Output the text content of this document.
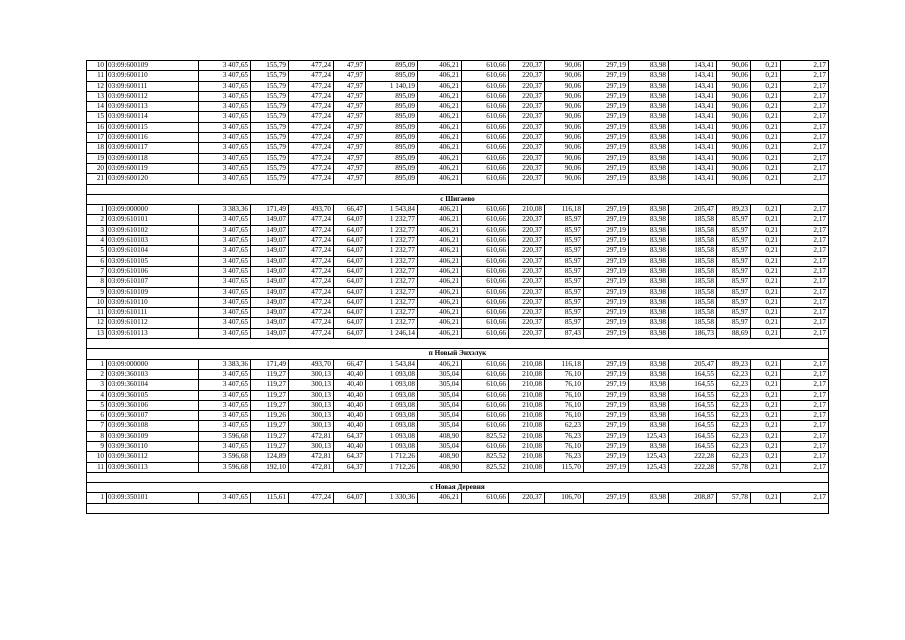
10	03:09:600109	3 407,65	155,79	477,24	47,97	895,09	406,21	610,66	220,37	90,06	297,19	83,98	143,41	90,06	0,21	2,17
11	03:09:600110	3 407,65	155,79	477,24	47,97	895,09	406,21	610,66	220,37	90,06	297,19	83,98	143,41	90,06	0,21	2,17
12	03:09:600111	3 407,65	155,79	477,24	47,97	1 140,19	406,21	610,66	220,37	90,06	297,19	83,98	143,41	90,06	0,21	2,17
13	03:09:600112	3 407,65	155,79	477,24	47,97	895,09	406,21	610,66	220,37	90,06	297,19	83,98	143,41	90,06	0,21	2,17
14	03:09:600113	3 407,65	155,79	477,24	47,97	895,09	406,21	610,66	220,37	90,06	297,19	83,98	143,41	90,06	0,21	2,17
15	03:09:600114	3 407,65	155,79	477,24	47,97	895,09	406,21	610,66	220,37	90,06	297,19	83,98	143,41	90,06	0,21	2,17
16	03:09:600115	3 407,65	155,79	477,24	47,97	895,09	406,21	610,66	220,37	90,06	297,19	83,98	143,41	90,06	0,21	2,17
17	03:09:600116	3 407,65	155,79	477,24	47,97	895,09	406,21	610,66	220,37	90,06	297,19	83,98	143,41	90,06	0,21	2,17
18	03:09:600117	3 407,65	155,79	477,24	47,97	895,09	406,21	610,66	220,37	90,06	297,19	83,98	143,41	90,06	0,21	2,17
19	03:09:600118	3 407,65	155,79	477,24	47,97	895,09	406,21	610,66	220,37	90,06	297,19	83,98	143,41	90,06	0,21	2,17
20	03:09:600119	3 407,65	155,79	477,24	47,97	895,09	406,21	610,66	220,37	90,06	297,19	83,98	143,41	90,06	0,21	2,17
21	03:09:600120	3 407,65	155,79	477,24	47,97	895,09	406,21	610,66	220,37	90,06	297,19	83,98	143,41	90,06	0,21	2,17

с Шигаево																
1	03:09:000000	3 383,36	171,49	493,70	66,47	1 543,84	406,21	610,66	210,08	116,18	297,19	83,98	205,47	89,23	0,21	2,17
2	03:09:610101	3 407,65	149,07	477,24	64,07	1 232,77	406,21	610,66	220,37	85,97	297,19	83,98	185,58	85,97	0,21	2,17
3	03:09:610102	3 407,65	149,07	477,24	64,07	1 232,77	406,21	610,66	220,37	85,97	297,19	83,98	185,58	85,97	0,21	2,17
4	03:09:610103	3 407,65	149,07	477,24	64,07	1 232,77	406,21	610,66	220,37	85,97	297,19	83,98	185,58	85,97	0,21	2,17
5	03:09:610104	3 407,65	149,07	477,24	64,07	1 232,77	406,21	610,66	220,37	85,97	297,19	83,98	185,58	85,97	0,21	2,17
6	03:09:610105	3 407,65	149,07	477,24	64,07	1 232,77	406,21	610,66	220,37	85,97	297,19	83,98	185,58	85,97	0,21	2,17
7	03:09:610106	3 407,65	149,07	477,24	64,07	1 232,77	406,21	610,66	220,37	85,97	297,19	83,98	185,58	85,97	0,21	2,17
8	03:09:610107	3 407,65	149,07	477,24	64,07	1 232,77	406,21	610,66	220,37	85,97	297,19	83,98	185,58	85,97	0,21	2,17
9	03:09:610109	3 407,65	149,07	477,24	64,07	1 232,77	406,21	610,66	220,37	85,97	297,19	83,98	185,58	85,97	0,21	2,17
10	03:09:610110	3 407,65	149,07	477,24	64,07	1 232,77	406,21	610,66	220,37	85,97	297,19	83,98	185,58	85,97	0,21	2,17
11	03:09:610111	3 407,65	149,07	477,24	64,07	1 232,77	406,21	610,66	220,37	85,97	297,19	83,98	185,58	85,97	0,21	2,17
12	03:09:610112	3 407,65	149,07	477,24	64,07	1 232,77	406,21	610,66	220,37	85,97	297,19	83,98	185,58	85,97	0,21	2,17
13	03:09:610113	3 407,65	149,07	477,24	64,07	1 246,14	406,21	610,66	220,37	87,43	297,19	83,98	186,73	88,69	0,21	2,17

п Новый Энхэлук																
1	03:09:000000	3 383,36	171,49	493,70	66,47	1 543,84	406,21	610,66	210,08	116,18	297,19	83,98	205,47	89,23	0,21	2,17
2	03:09:360103	3 407,65	119,27	300,13	40,40	1 093,08	305,04	610,66	210,08	76,10	297,19	83,98	164,55	62,23	0,21	2,17
3	03:09:360104	3 407,65	119,27	300,13	40,40	1 093,08	305,04	610,66	210,08	76,10	297,19	83,98	164,55	62,23	0,21	2,17
4	03:09:360105	3 407,65	119,27	300,13	40,40	1 093,08	305,04	610,66	210,08	76,10	297,19	83,98	164,55	62,23	0,21	2,17
5	03:09:360106	3 407,65	119,27	300,13	40,40	1 093,08	305,04	610,66	210,08	76,10	297,19	83,98	164,55	62,23	0,21	2,17
6	03:09:360107	3 407,65	119,26	300,13	40,40	1 093,08	305,04	610,66	210,08	76,10	297,19	83,98	164,55	62,23	0,21	2,17
7	03:09:360108	3 407,65	119,27	300,13	40,40	1 093,08	305,04	610,66	210,08	62,23	297,19	83,98	164,55	62,23	0,21	2,17
8	03:09:360109	3 596,68	119,27	472,81	64,37	1 093,08	408,90	825,52	210,08	76,23	297,19	125,43	164,55	62,23	0,21	2,17
9	03:09:360110	3 407,65	119,27	300,13	40,40	1 093,08	305,04	610,66	210,08	76,10	297,19	83,98	164,55	62,23	0,21	2,17
10	03:09:360112	3 596,68	124,89	472,81	64,37	1 712,26	408,90	825,52	210,08	76,23	297,19	125,43	222,28	62,23	0,21	2,17
11	03:09:360113	3 596,68	192,10	472,81	64,37	1 712,26	408,90	825,52	210,08	115,70	297,19	125,43	222,28	57,78	0,21	2,17

с Новая Деревня																
1	03:09:350101	3 407,65	115,61	477,24	64,07	1 330,36	406,21	610,66	220,37	106,70	297,19	83,98	208,87	57,78	0,21	2,17
